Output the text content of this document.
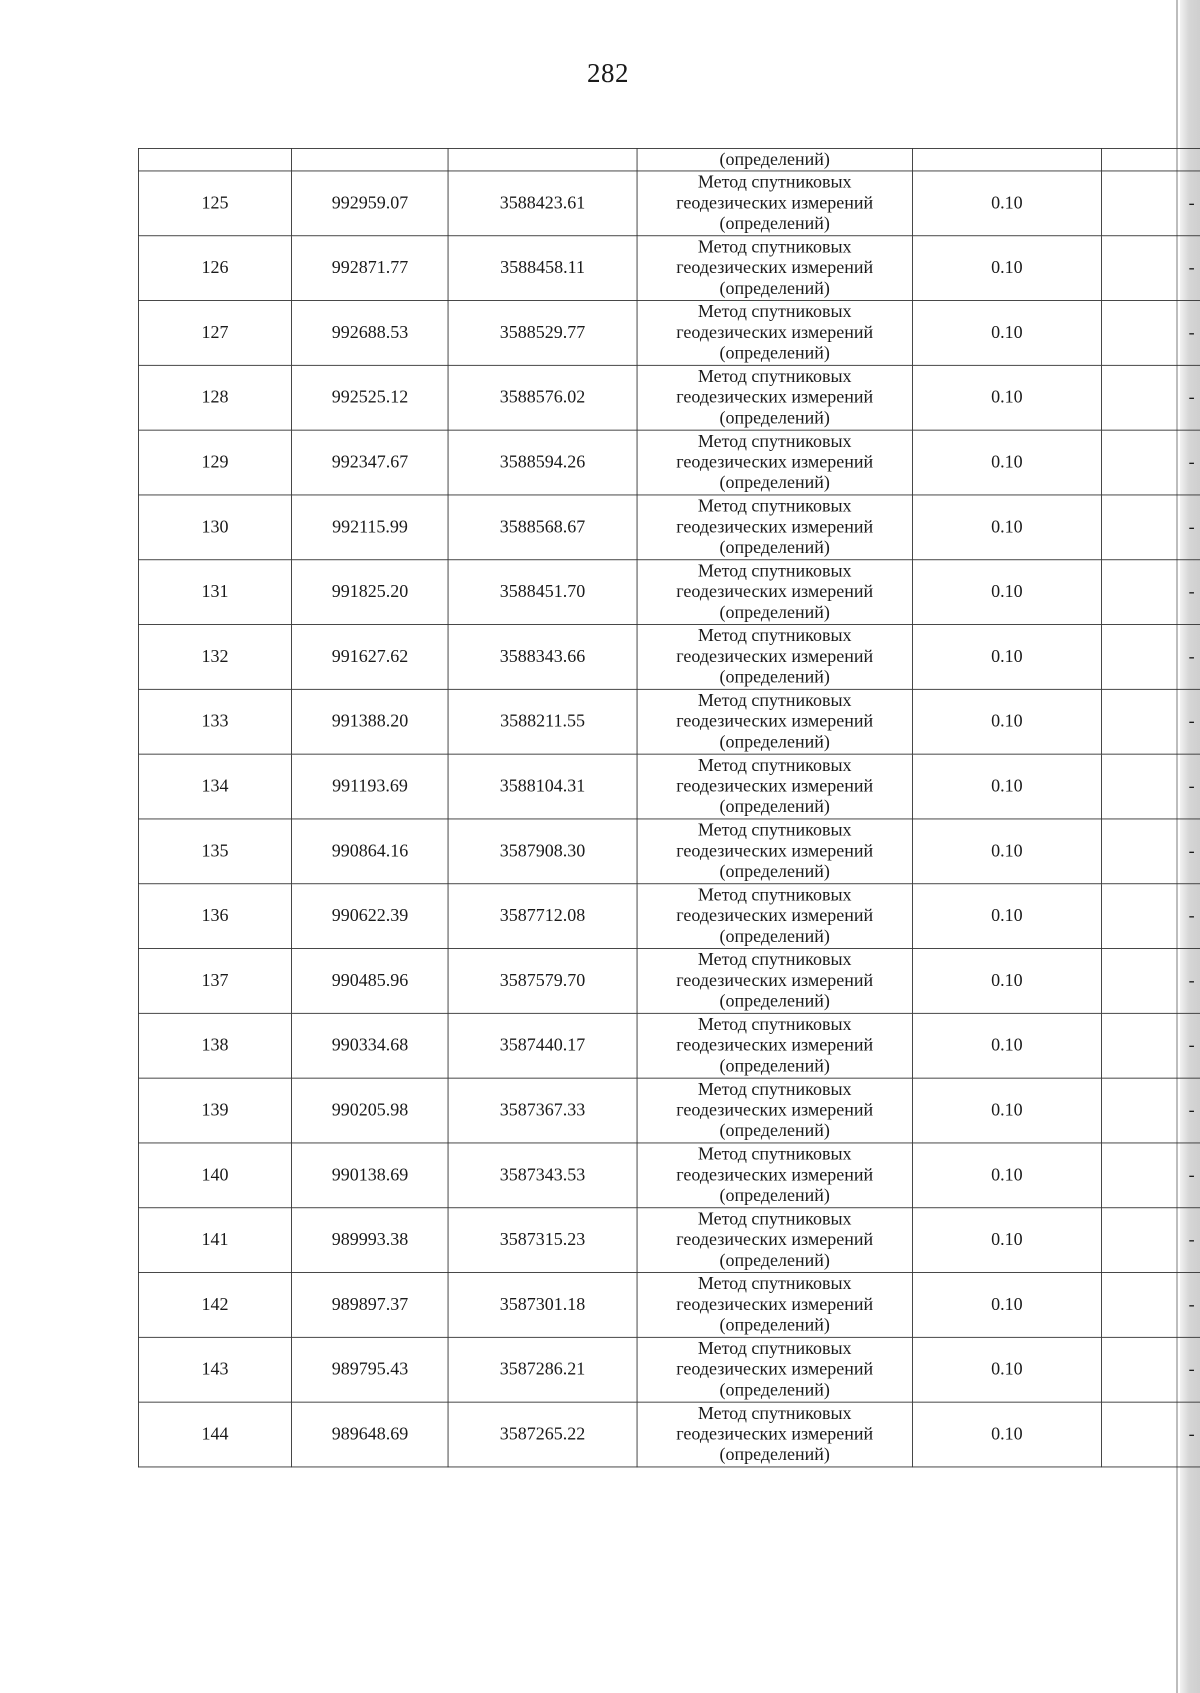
282
			(определений)		
125	992959.07	3588423.61	Метод спутниковых
геодезических измерений
(определений)	0.10	-
126	992871.77	3588458.11	Метод спутниковых
геодезических измерений
(определений)	0.10	-
127	992688.53	3588529.77	Метод спутниковых
геодезических измерений
(определений)	0.10	-
128	992525.12	3588576.02	Метод спутниковых
геодезических измерений
(определений)	0.10	-
129	992347.67	3588594.26	Метод спутниковых
геодезических измерений
(определений)	0.10	-
130	992115.99	3588568.67	Метод спутниковых
геодезических измерений
(определений)	0.10	-
131	991825.20	3588451.70	Метод спутниковых
геодезических измерений
(определений)	0.10	-
132	991627.62	3588343.66	Метод спутниковых
геодезических измерений
(определений)	0.10	-
133	991388.20	3588211.55	Метод спутниковых
геодезических измерений
(определений)	0.10	-
134	991193.69	3588104.31	Метод спутниковых
геодезических измерений
(определений)	0.10	-
135	990864.16	3587908.30	Метод спутниковых
геодезических измерений
(определений)	0.10	-
136	990622.39	3587712.08	Метод спутниковых
геодезических измерений
(определений)	0.10	-
137	990485.96	3587579.70	Метод спутниковых
геодезических измерений
(определений)	0.10	-
138	990334.68	3587440.17	Метод спутниковых
геодезических измерений
(определений)	0.10	-
139	990205.98	3587367.33	Метод спутниковых
геодезических измерений
(определений)	0.10	-
140	990138.69	3587343.53	Метод спутниковых
геодезических измерений
(определений)	0.10	-
141	989993.38	3587315.23	Метод спутниковых
геодезических измерений
(определений)	0.10	-
142	989897.37	3587301.18	Метод спутниковых
геодезических измерений
(определений)	0.10	-
143	989795.43	3587286.21	Метод спутниковых
геодезических измерений
(определений)	0.10	-
144	989648.69	3587265.22	Метод спутниковых
геодезических измерений
(определений)	0.10	-
